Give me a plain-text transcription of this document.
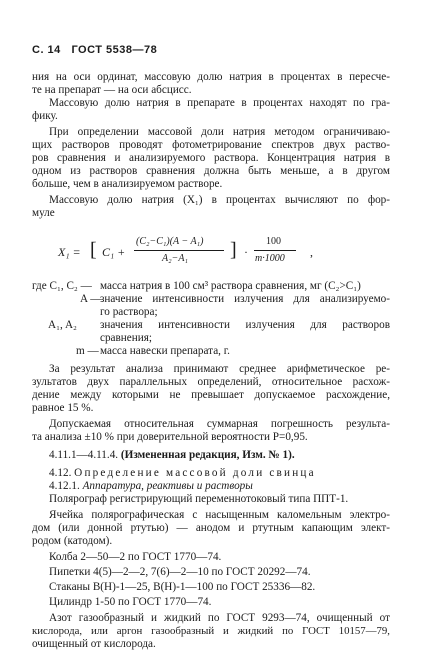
С. 14 ГОСТ 5538—78
ния на оси ординат, массовую долю натрия в процентах в пересче-
те на препарат — на оси абсцисс.
Массовую долю натрия в препарате в процентах находят по гра-
фику.
При определении массовой доли натрия методом ограничиваю-
щих растворов проводят фотометрирование спектров двух раство-
ров сравнения и анализируемого раствора. Концентрация натрия в
одном из растворов сравнения должна быть меньше, а в другом
больше, чем в анализируемом растворе.
Массовую долю натрия (X₁) в процентах вычисляют по фор-
муле
X₁ = [ C₁ +
(C₂−C₁)(A − A₁)
A₂−A₁ ] ·
100
m·1000 ,
где C₁, C₂ — масса натрия в 100 см³ раствора сравнения, мг (C₂>C₁)
A —
значение интенсивности излучения для анализируемо-
го раствора;
A₁, A₂ значения интенсивности излучения для растворов
сравнения;
m — масса навески препарата, г.
За результат анализа принимают среднее арифметическое ре-
зультатов двух параллельных определений, относительное расхож-
дение между которыми не превышает допускаемое расхождение,
равное 15 %.
Допускаемая относительная суммарная погрешность результа-
та анализа ±10 % при доверительной вероятности P=0,95.
4.11.1—4.11.4. (Измененная редакция, Изм. № 1).
4.12. Определение массовой доли свинца
4.12.1. Аппаратура, реактивы и растворы
Полярограф регистрирующий переменнотоковый типа ППТ-1.
Ячейка полярографическая с насыщенным каломельным электро-
дом (или донной ртутью) — анодом и ртутным капающим элект-
родом (катодом).
Колба 2—50—2 по ГОСТ 1770—74.
Пипетки 4(5)—2—2, 7(6)—2—10 по ГОСТ 20292—74.
Стаканы В(Н)-1—25, В(Н)-1—100 по ГОСТ 25336—82.
Цилиндр 1-50 по ГОСТ 1770—74.
Азот газообразный и жидкий по ГОСТ 9293—74, очищенный от
кислорода, или аргон газообразный и жидкий по ГОСТ 10157—79,
очищенный от кислорода.
